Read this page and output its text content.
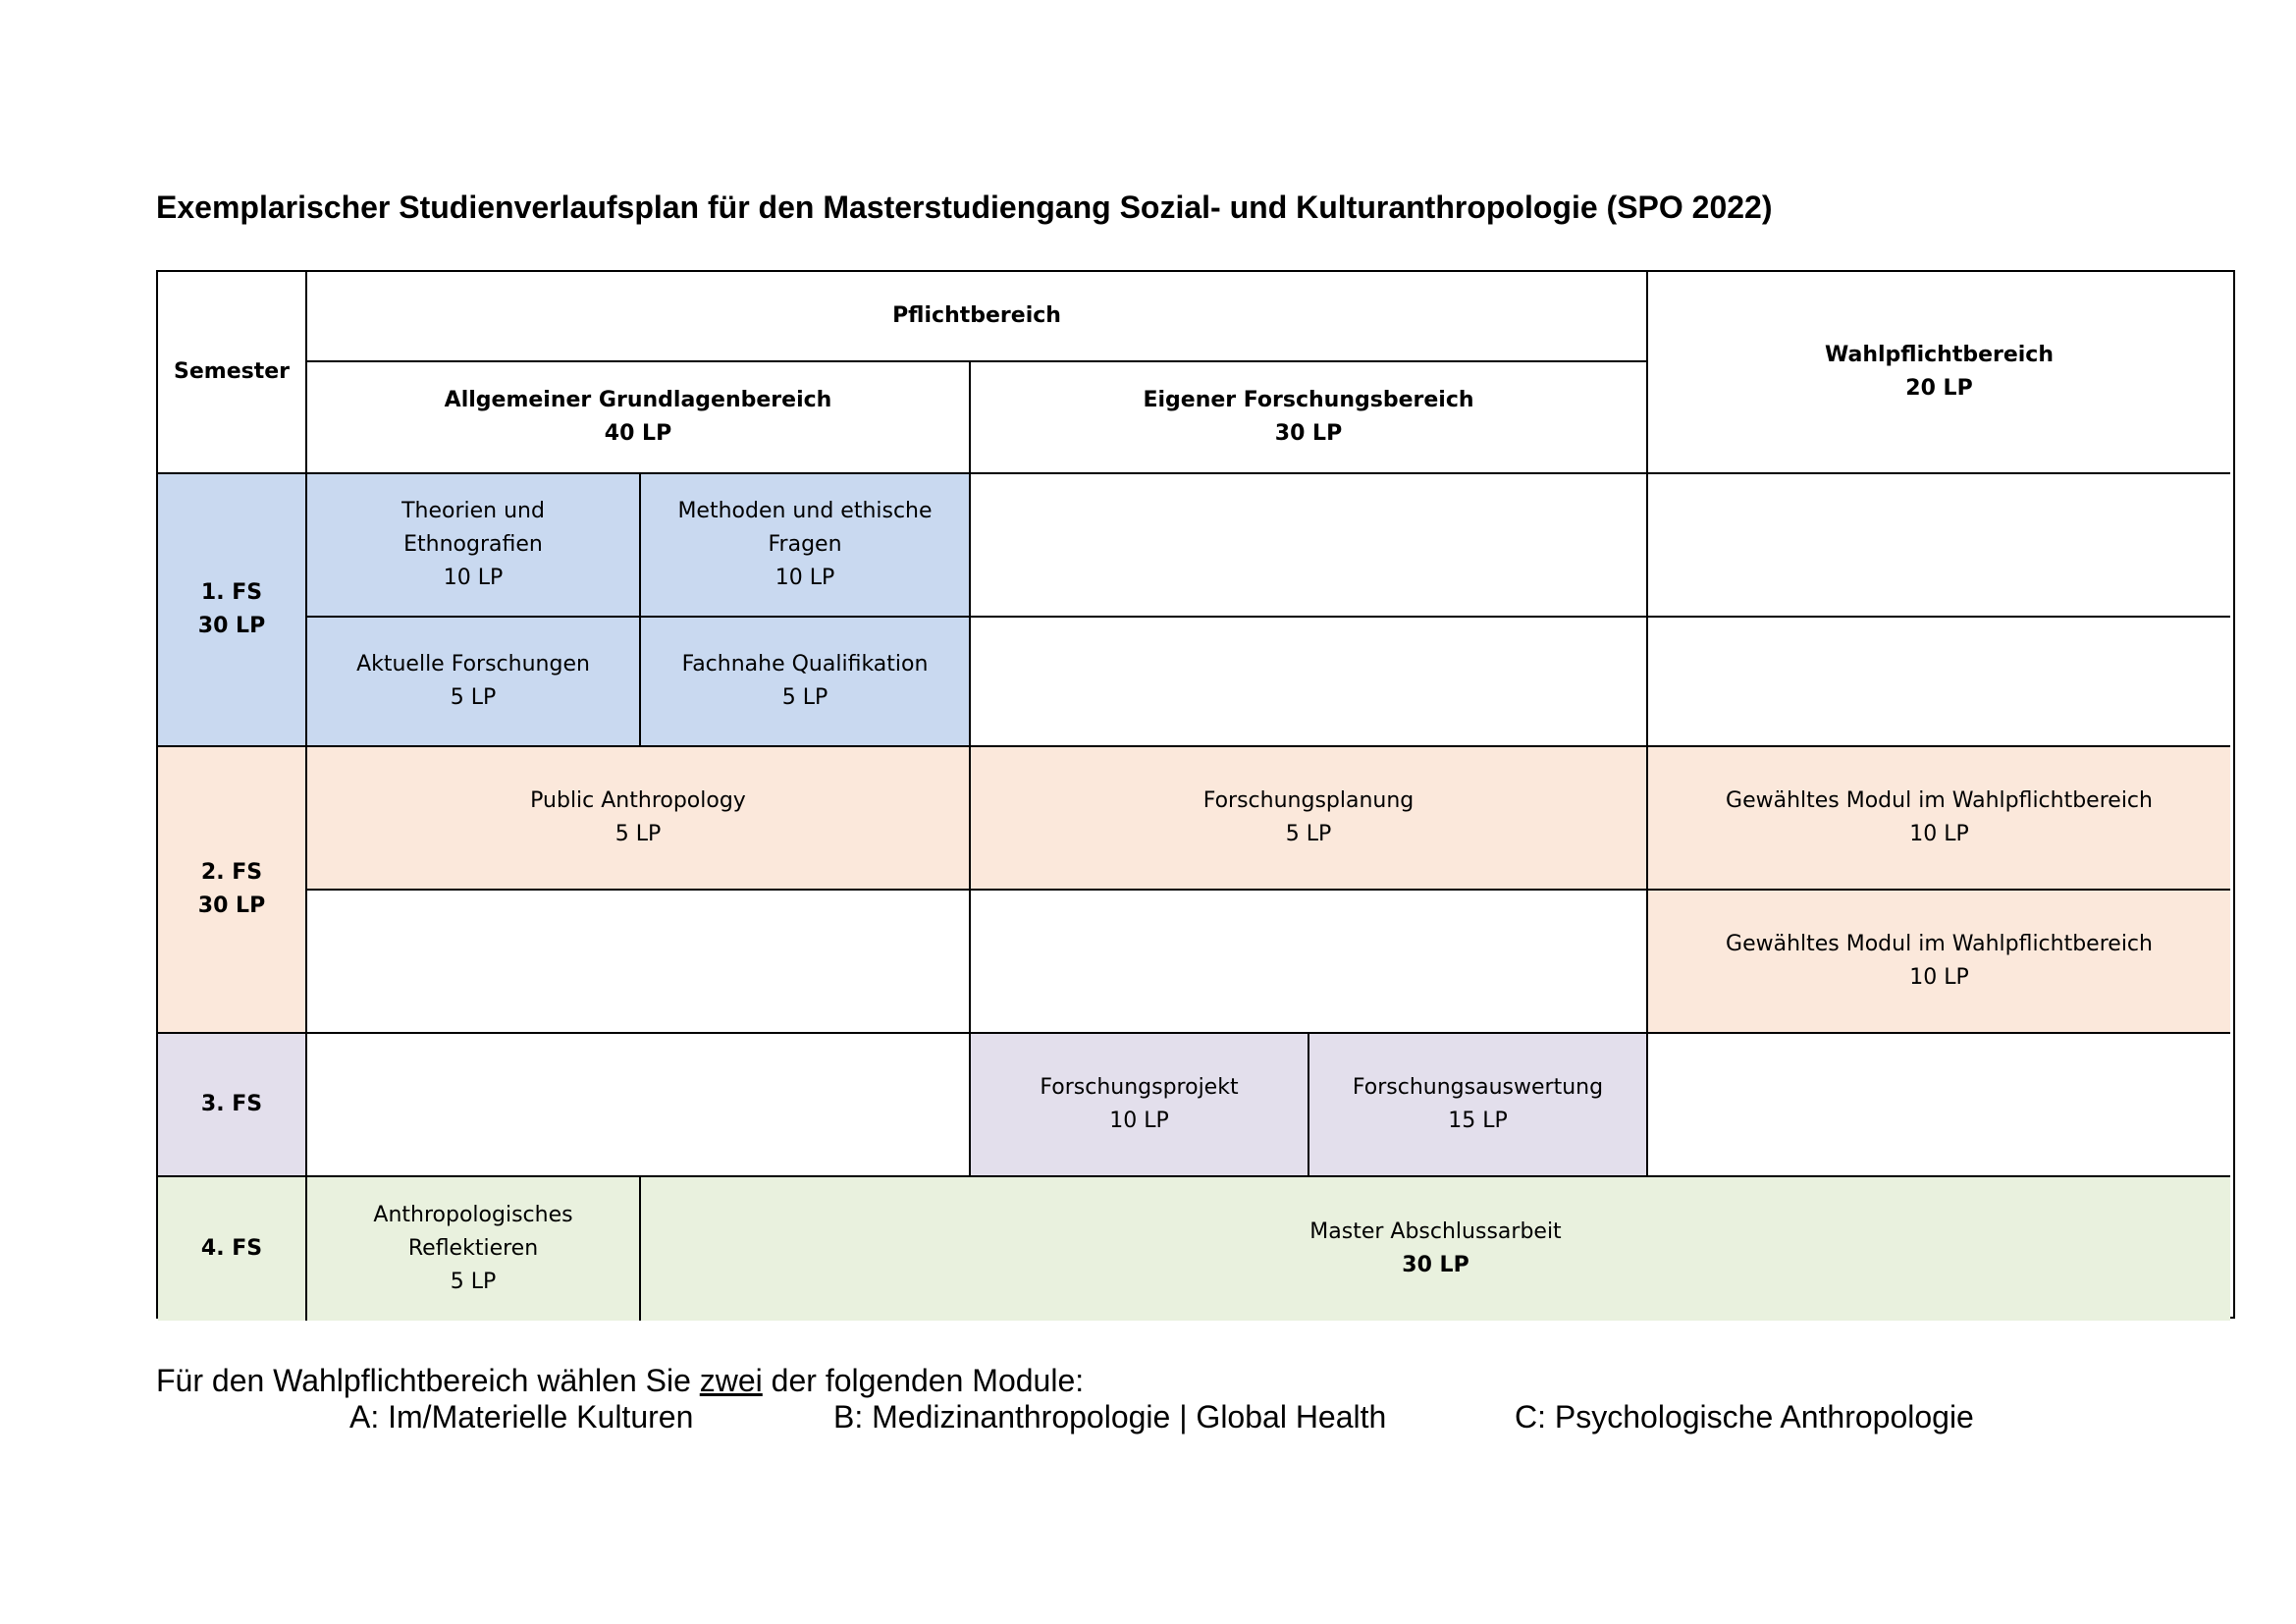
Exemplarischer Studienverlaufsplan für den Masterstudiengang Sozial- und Kulturanthropologie (SPO 2022)
Semester
Pflichtbereich
Wahlpflichtbereich
20 LP
Allgemeiner Grundlagenbereich
40 LP
Eigener Forschungsbereich
30 LP
1. FS
30 LP
Theorien und
Ethnografien
10 LP
Methoden und ethische
Fragen
10 LP
Aktuelle Forschungen
5 LP
Fachnahe Qualifikation
5 LP
2. FS
30 LP
Public Anthropology
5 LP
Forschungsplanung
5 LP
Gewähltes Modul im Wahlpflichtbereich
10 LP
Gewähltes Modul im Wahlpflichtbereich
10 LP
3. FS
Forschungsprojekt
10 LP
Forschungsauswertung
15 LP
4. FS
Anthropologisches
Reflektieren
5 LP
Master Abschlussarbeit
30 LP
Für den Wahlpflichtbereich wählen Sie zwei der folgenden Module:
A: Im/Materielle Kulturen	B: Medizinanthropologie | Global Health	C: Psychologische Anthropologie
